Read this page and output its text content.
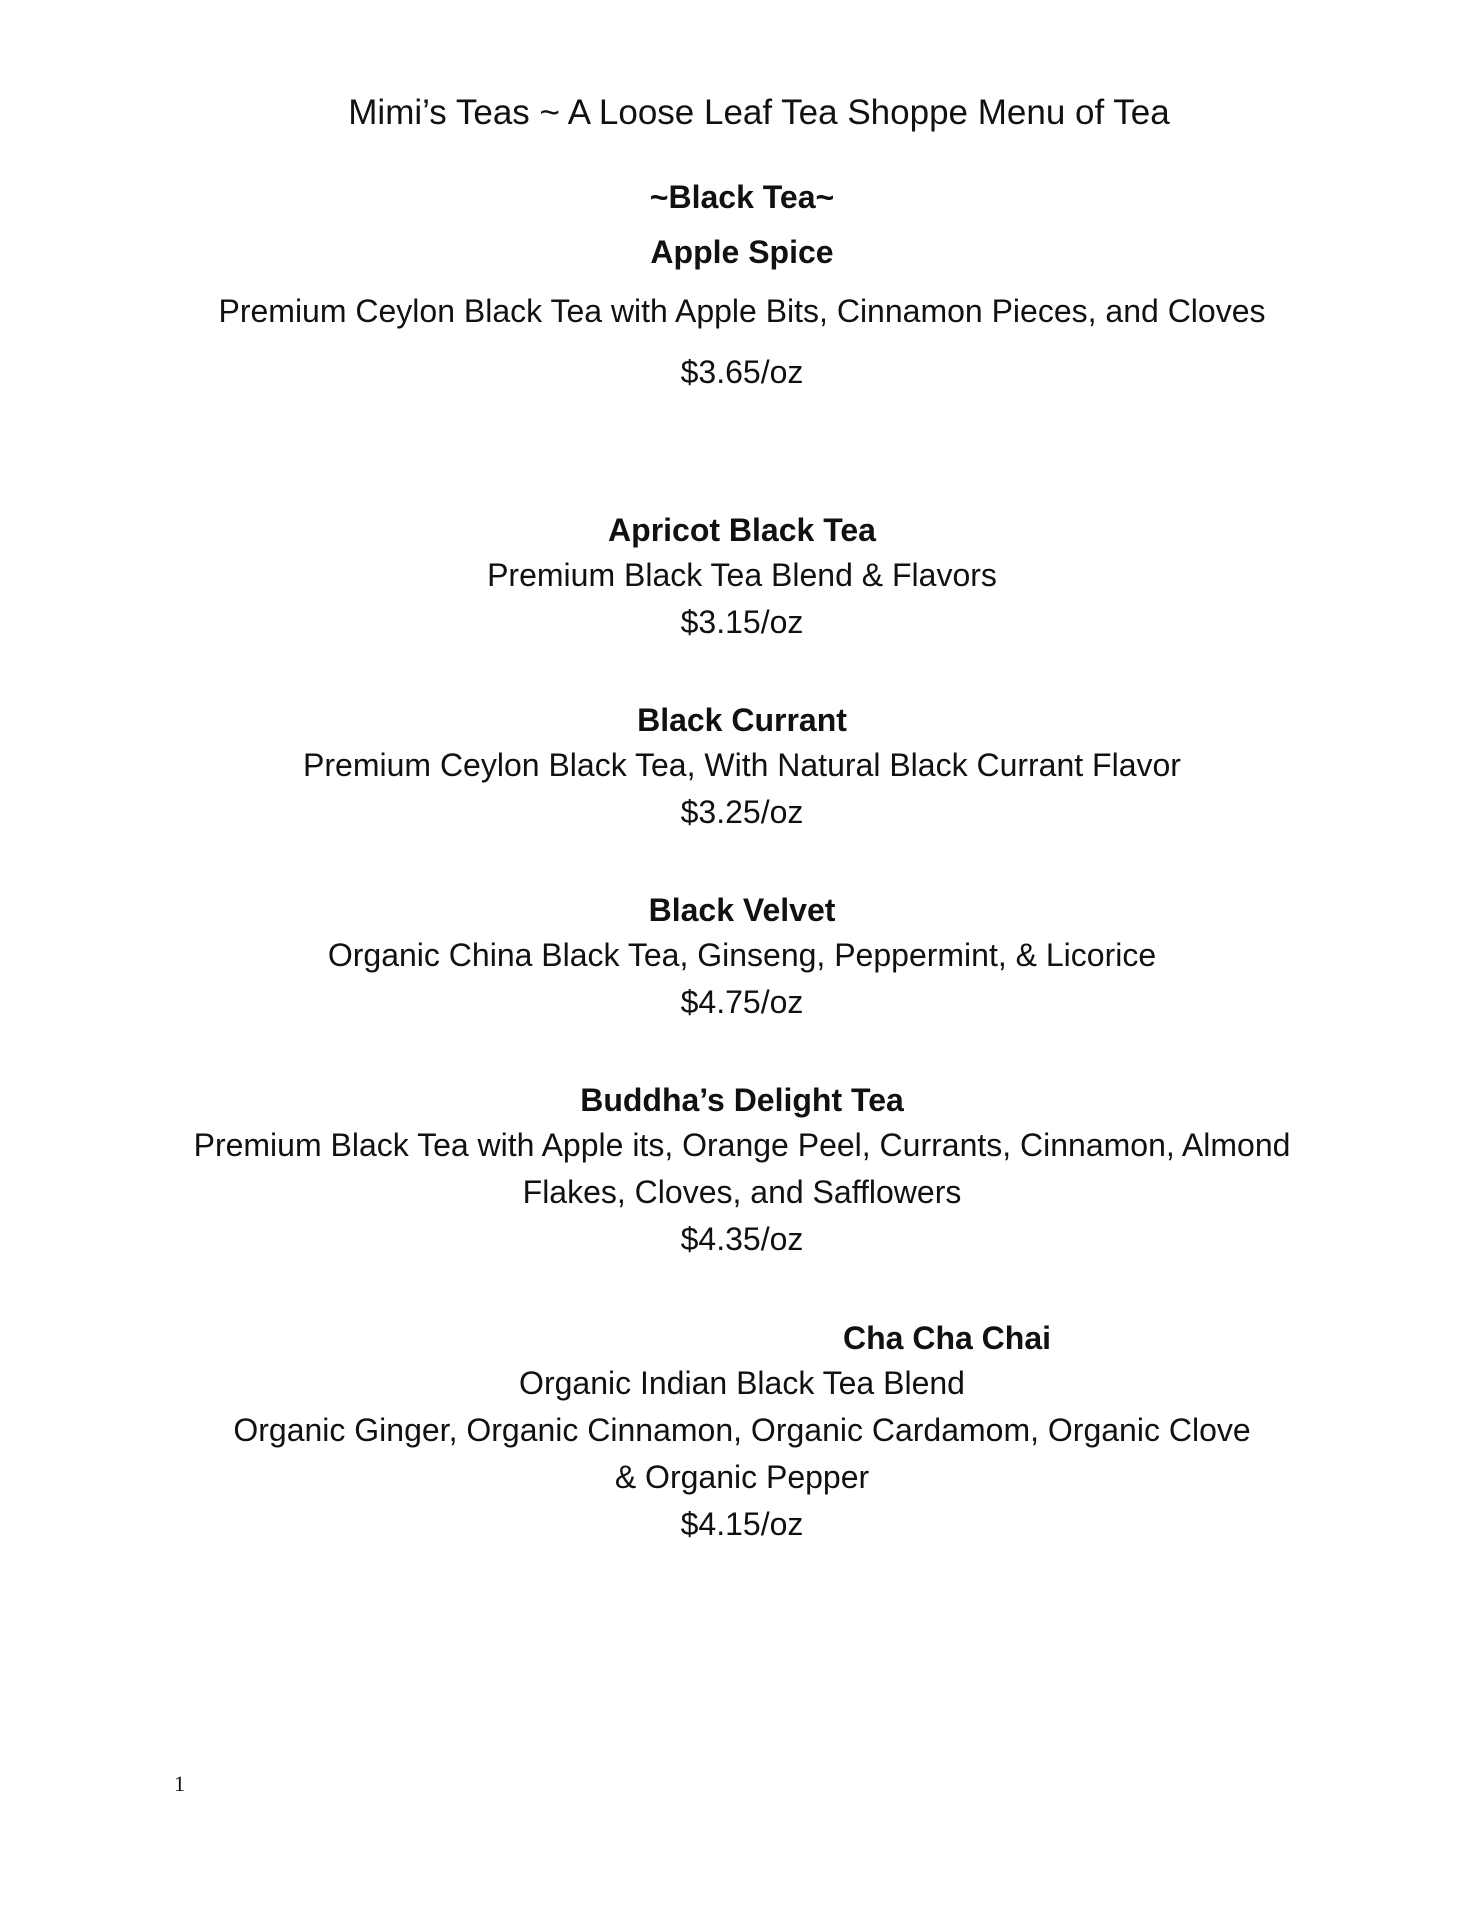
Mimi’s Teas ~ A Loose Leaf Tea Shoppe Menu of Tea
~Black Tea~
Apple Spice
Premium Ceylon Black Tea with Apple Bits, Cinnamon Pieces, and Cloves
$3.65/oz
Apricot Black Tea
Premium Black Tea Blend & Flavors
$3.15/oz
Black Currant
Premium Ceylon Black Tea, With Natural Black Currant Flavor
$3.25/oz
Black Velvet
Organic China Black Tea, Ginseng, Peppermint, & Licorice
$4.75/oz
Buddha’s Delight Tea
Premium Black Tea with Apple its, Orange Peel, Currants, Cinnamon, Almond Flakes, Cloves, and Safflowers
$4.35/oz
Cha Cha Chai
Organic Indian Black Tea Blend
Organic Ginger, Organic Cinnamon, Organic Cardamom, Organic Clove & Organic Pepper
$4.15/oz
1
